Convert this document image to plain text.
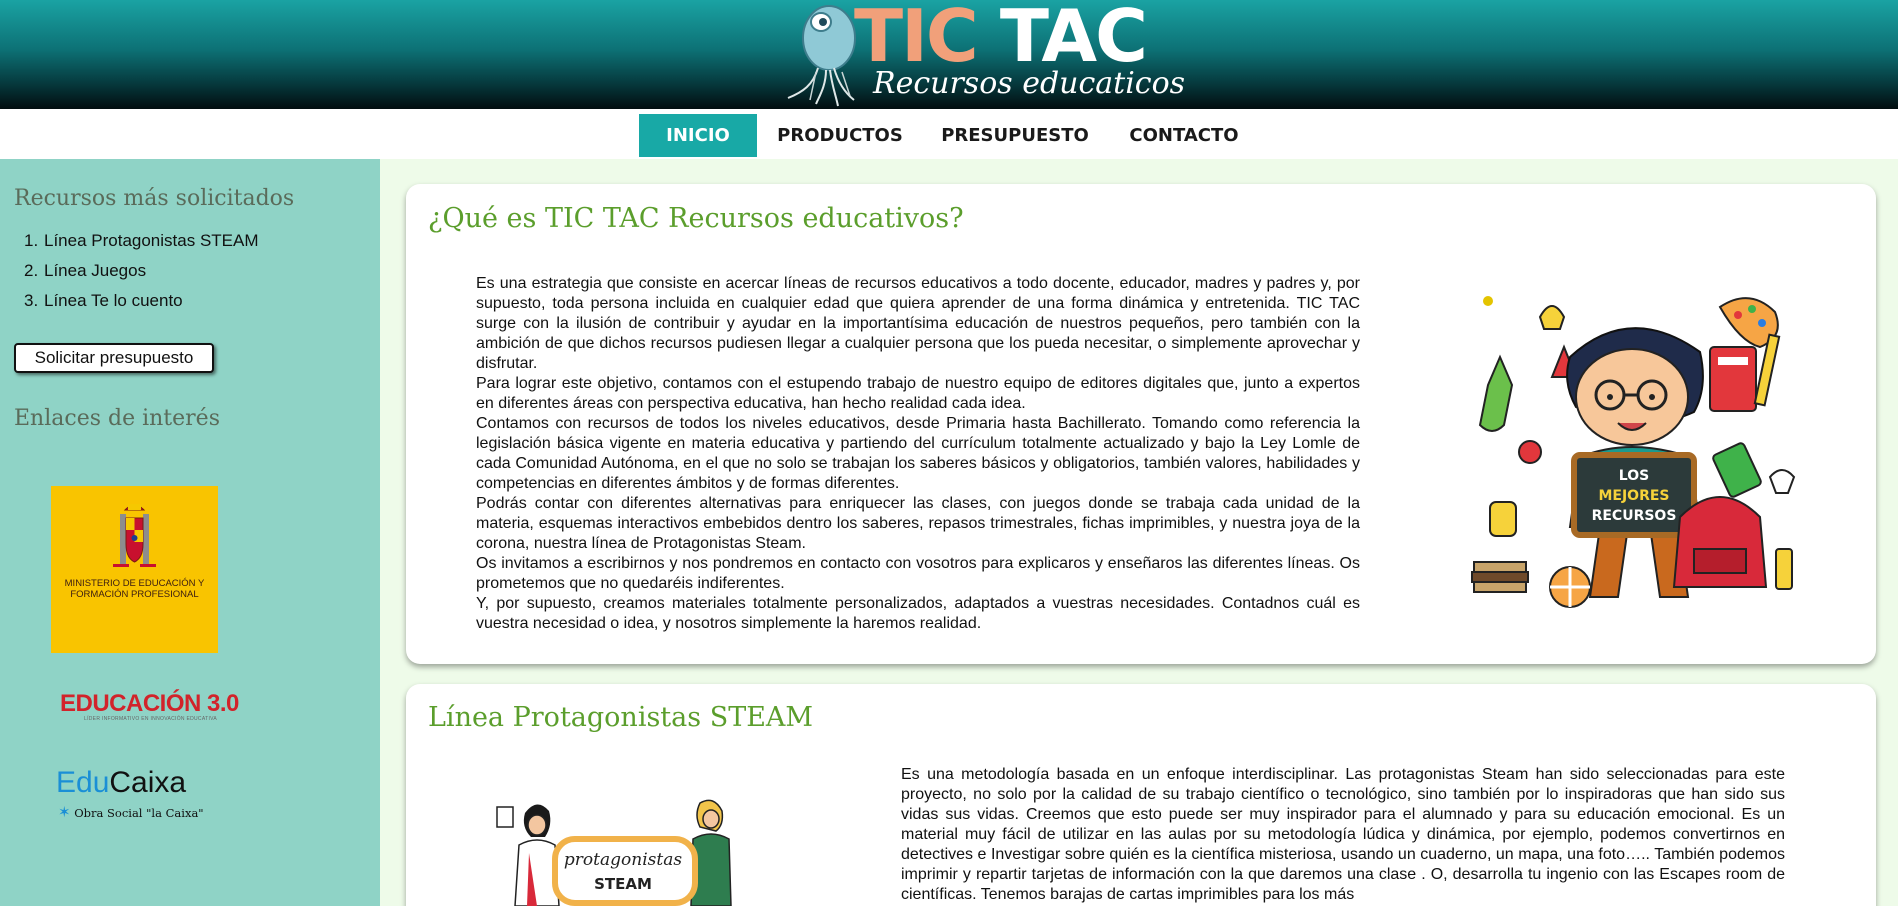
TIC TAC
Recursos educaticos
INICIO	PRODUCTOS	PRESUPUESTO	CONTACTO
Recursos más solicitados
1. Línea Protagonistas STEAM
2. Línea Juegos
3. Línea Te lo cuento
Solicitar presupuesto
Enlaces de interés
MINISTERIO DE EDUCACIÓN Y FORMACIÓN PROFESIONAL
EDUCACIÓN 3.0
LÍDER INFORMATIVO EN INNOVACIÓN EDUCATIVA
EduCaixa
✶ Obra Social "la Caixa"
¿Qué es TIC TAC Recursos educativos?

Es una estrategia que consiste en acercar líneas de recursos educativos a todo docente, educador, madres y padres y, por supuesto, toda persona incluida en cualquier edad que quiera aprender de una forma dinámica y entretenida. TIC TAC surge con la ilusión de contribuir y ayudar en la importantísima educación de nuestros pequeños, pero también con la ambición de que dichos recursos pudiesen llegar a cualquier persona que los pueda necesitar, o simplemente aprovechar y disfrutar.

Para lograr este objetivo, contamos con el estupendo trabajo de nuestro equipo de editores digitales que, junto a expertos en diferentes áreas con perspectiva educativa, han hecho realidad cada idea.

Contamos con recursos de todos los niveles educativos, desde Primaria hasta Bachillerato. Tomando como referencia la legislación básica vigente en materia educativa y partiendo del currículum totalmente actualizado y bajo la Ley Lomle de cada Comunidad Autónoma, en el que no solo se trabajan los saberes básicos y obligatorios, también valores, habilidades y competencias en diferentes ámbitos y de formas diferentes.

Podrás contar con diferentes alternativas para enriquecer las clases, con juegos donde se trabaja cada unidad de la materia, esquemas interactivos embebidos dentro los saberes, repasos trimestrales, fichas imprimibles, y nuestra joya de la corona, nuestra línea de Protagonistas Steam.

Os invitamos a escribirnos y nos pondremos en contacto con vosotros para explicaros y enseñaros las diferentes líneas. Os prometemos que no quedaréis indiferentes.

Y, por supuesto, creamos materiales totalmente personalizados, adaptados a vuestras necesidades. Contadnos cuál es vuestra necesidad o idea, y nosotros simplemente la haremos realidad.

LOS
MEJORES
RECURSOS
Línea Protagonistas STEAM
Es una metodología basada en un enfoque interdisciplinar. Las protagonistas Steam han sido seleccionadas para este proyecto, no solo por la calidad de su trabajo científico o tecnológico, sino también por lo inspiradoras que han sido sus vidas sus vidas. Creemos que esto puede ser muy inspirador para el alumnado y para su educación emocional. Es un material muy fácil de utilizar en las aulas por su metodología lúdica y dinámica, por ejemplo, podemos convertirnos en detectives e Investigar sobre quién es la científica misteriosa, usando un cuaderno, un mapa, una foto….. También podemos imprimir y repartir tarjetas de información con la que daremos una clase . O, desarrolla tu ingenio con las Escapes room de científicas. Tenemos barajas de cartas imprimibles para los más
protagonistas
STEAM
